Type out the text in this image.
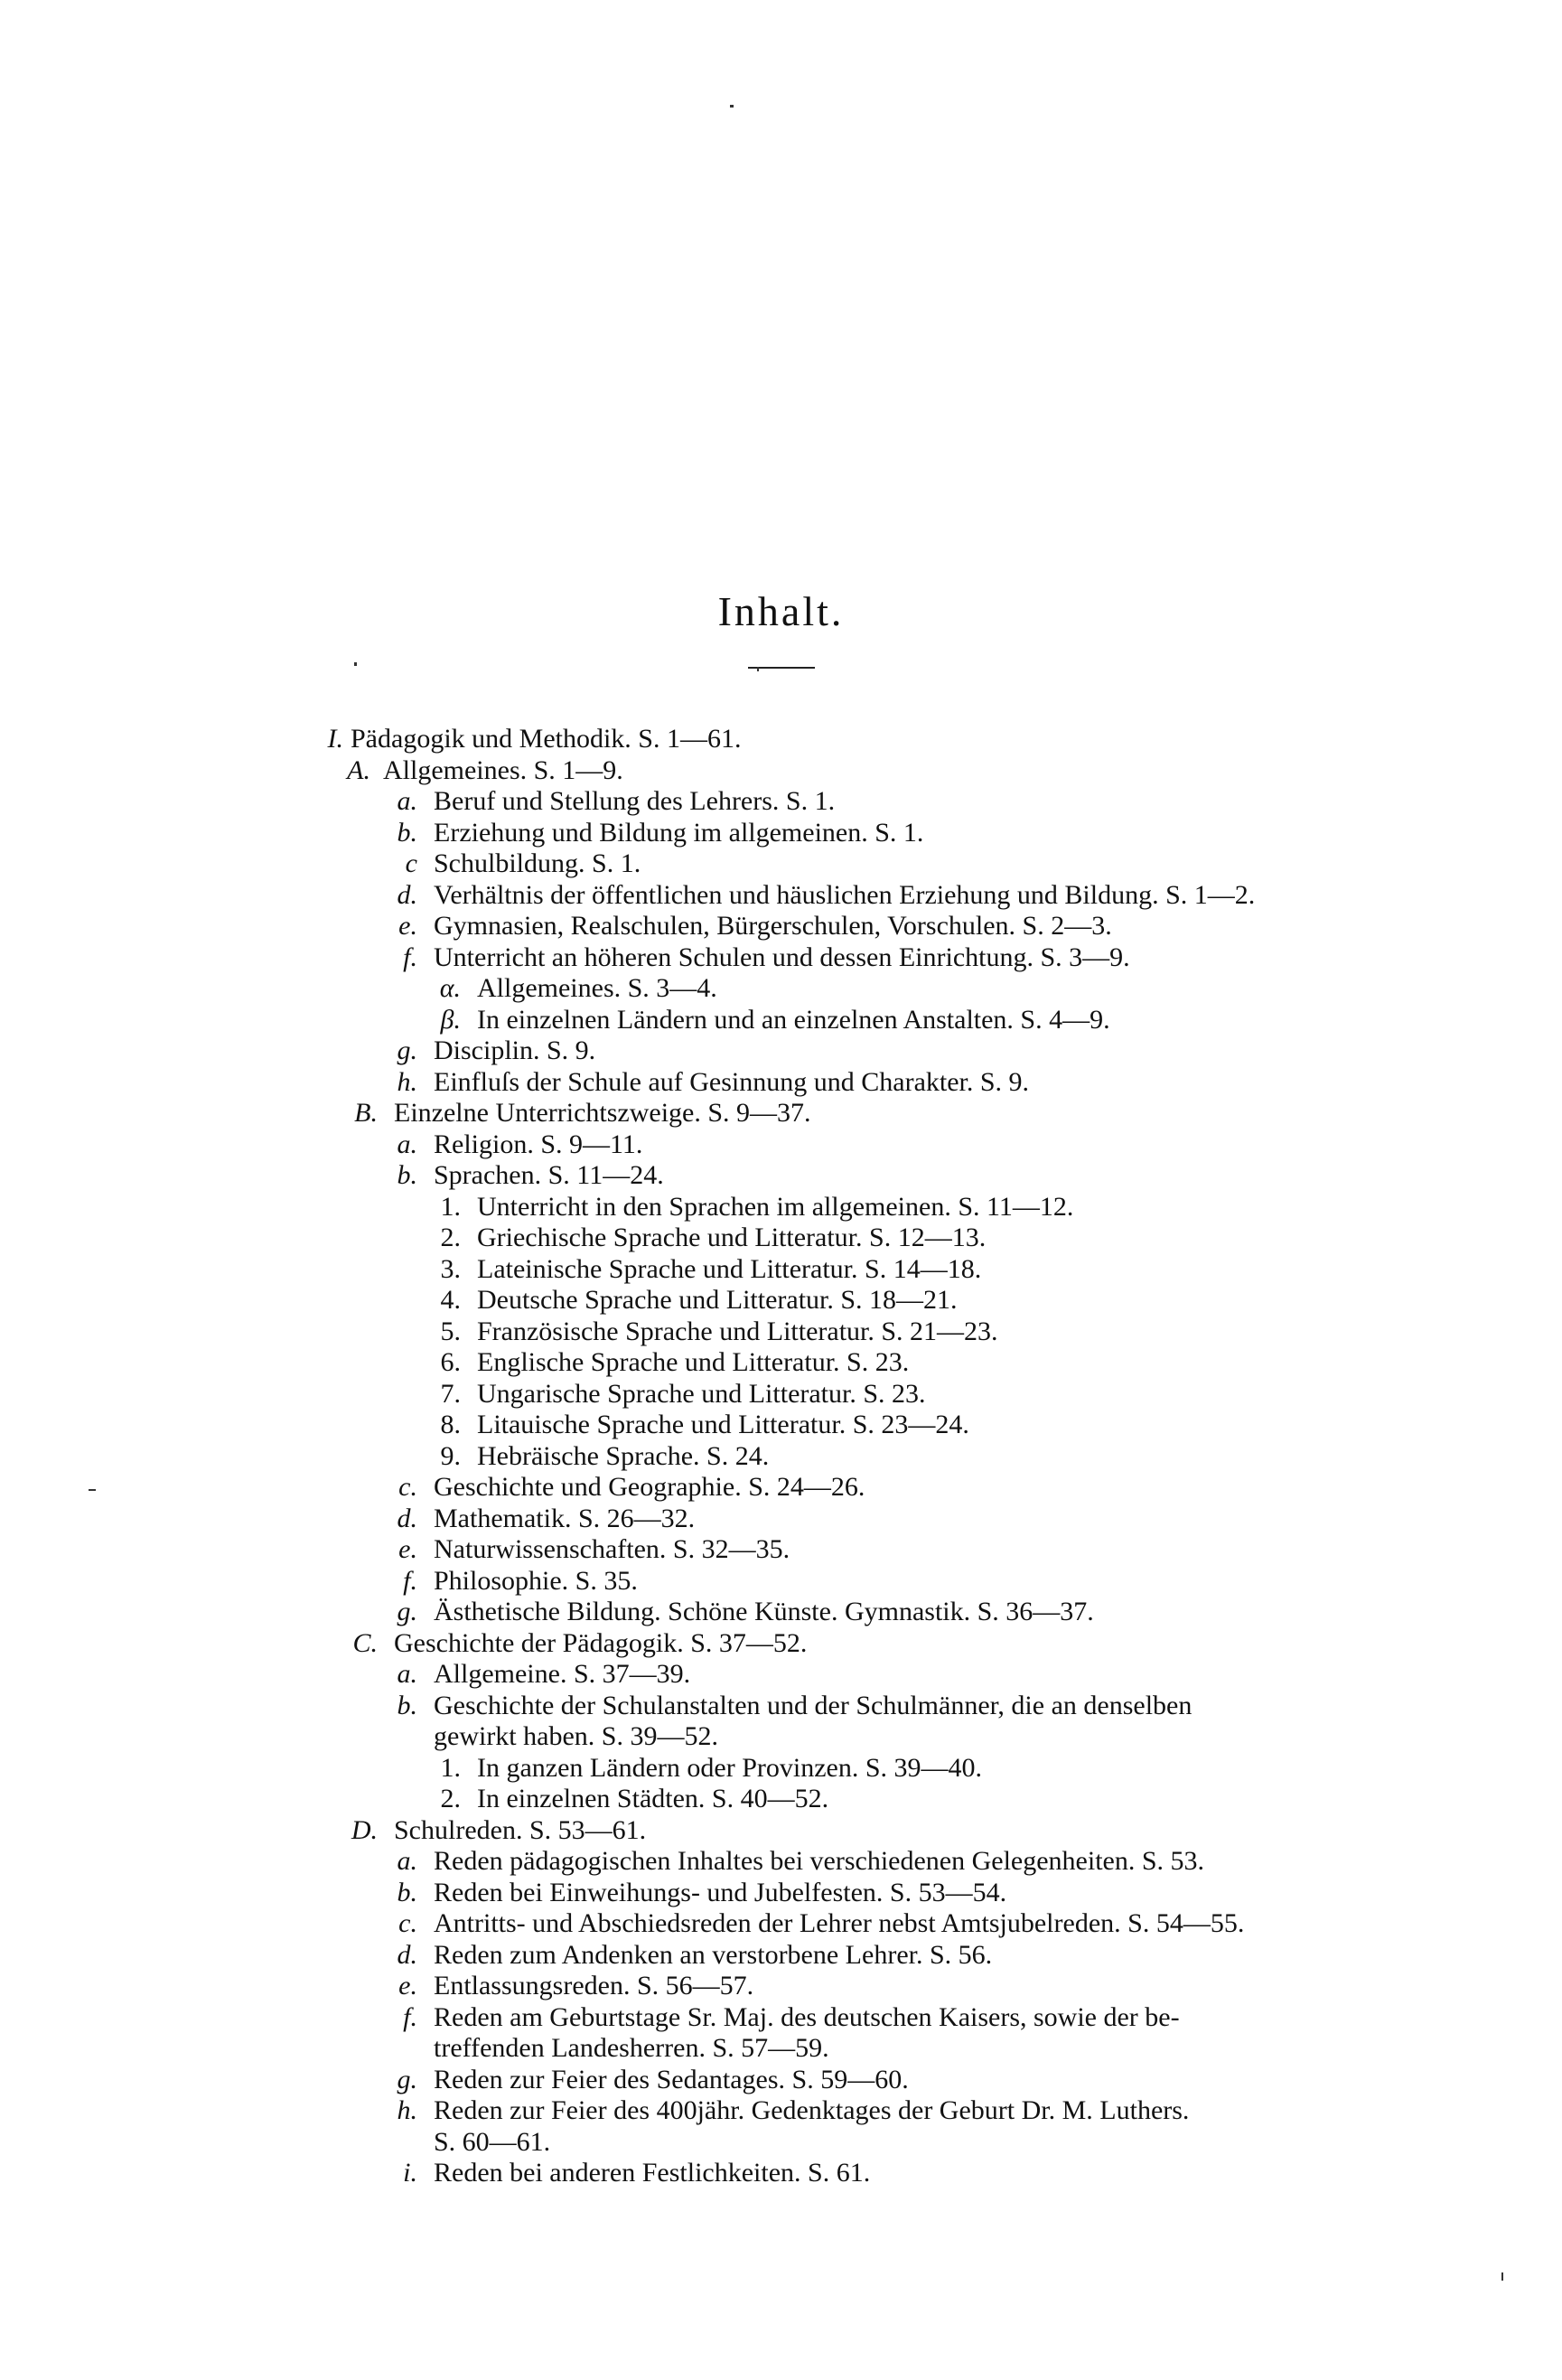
Inhalt.
I. Pädagogik und Methodik. S. 1—61.
A. Allgemeines. S. 1—9.
a. Beruf und Stellung des Lehrers. S. 1.
b. Erziehung und Bildung im allgemeinen. S. 1.
c Schulbildung. S. 1.
d. Verhältnis der öffentlichen und häuslichen Erziehung und Bildung. S. 1—2.
e. Gymnasien, Realschulen, Bürgerschulen, Vorschulen. S. 2—3.
f. Unterricht an höheren Schulen und dessen Einrichtung. S. 3—9.
α. Allgemeines. S. 3—4.
β. In einzelnen Ländern und an einzelnen Anstalten. S. 4—9.
g. Disciplin. S. 9.
h. Einfluſs der Schule auf Gesinnung und Charakter. S. 9.
B. Einzelne Unterrichtszweige. S. 9—37.
a. Religion. S. 9—11.
b. Sprachen. S. 11—24.
1. Unterricht in den Sprachen im allgemeinen. S. 11—12.
2. Griechische Sprache und Litteratur. S. 12—13.
3. Lateinische Sprache und Litteratur. S. 14—18.
4. Deutsche Sprache und Litteratur. S. 18—21.
5. Französische Sprache und Litteratur. S. 21—23.
6. Englische Sprache und Litteratur. S. 23.
7. Ungarische Sprache und Litteratur. S. 23.
8. Litauische Sprache und Litteratur. S. 23—24.
9. Hebräische Sprache. S. 24.
c. Geschichte und Geographie. S. 24—26.
d. Mathematik. S. 26—32.
e. Naturwissenschaften. S. 32—35.
f. Philosophie. S. 35.
g. Ästhetische Bildung. Schöne Künste. Gymnastik. S. 36—37.
C. Geschichte der Pädagogik. S. 37—52.
a. Allgemeine. S. 37—39.
b. Geschichte der Schulanstalten und der Schulmänner, die an denselben
gewirkt haben. S. 39—52.
1. In ganzen Ländern oder Provinzen. S. 39—40.
2. In einzelnen Städten. S. 40—52.
D. Schulreden. S. 53—61.
a. Reden pädagogischen Inhaltes bei verschiedenen Gelegenheiten. S. 53.
b. Reden bei Einweihungs- und Jubelfesten. S. 53—54.
c. Antritts- und Abschiedsreden der Lehrer nebst Amtsjubelreden. S. 54—55.
d. Reden zum Andenken an verstorbene Lehrer. S. 56.
e. Entlassungsreden. S. 56—57.
f. Reden am Geburtstage Sr. Maj. des deutschen Kaisers, sowie der be-
treffenden Landesherren. S. 57—59.
g. Reden zur Feier des Sedantages. S. 59—60.
h. Reden zur Feier des 400jähr. Gedenktages der Geburt Dr. M. Luthers.
S. 60—61.
i. Reden bei anderen Festlichkeiten. S. 61.
